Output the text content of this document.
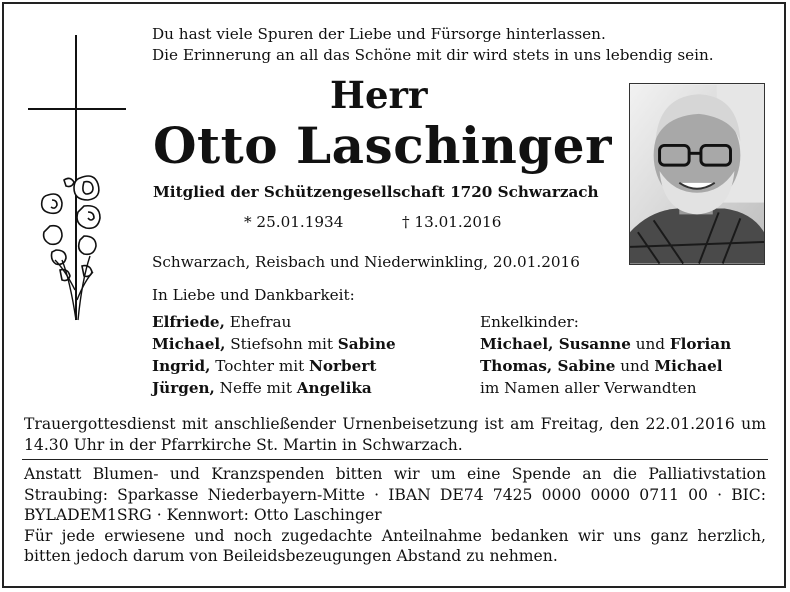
Du hast viele Spuren der Liebe und Fürsorge hinterlassen.
Die Erinnerung an all das Schöne mit dir wird stets in uns lebendig sein.
Herr
Otto Laschinger
Mitglied der Schützengesellschaft 1720 Schwarzach
* 25.01.1934	† 13.01.2016
Schwarzach, Reisbach und Niederwinkling, 20.01.2016
In Liebe und Dankbarkeit:
Elfriede, Ehefrau
Michael, Stiefsohn mit Sabine
Ingrid, Tochter mit Norbert
Jürgen, Neffe mit Angelika
Enkelkinder:
Michael, Susanne und Florian
Thomas, Sabine und Michael
im Namen aller Verwandten
Trauergottesdienst mit anschließender Urnenbeisetzung ist am Freitag, den 22.01.2016 um 14.30 Uhr in der Pfarrkirche St. Martin in Schwarzach.
Anstatt Blumen- und Kranzspenden bitten wir um eine Spende an die Palliativstation Straubing: Sparkasse Niederbayern-Mitte · IBAN DE74 7425 0000 0000 0711 00 · BIC: BYLADEM1SRG · Kennwort: Otto Laschinger
Für jede erwiesene und noch zugedachte Anteilnahme bedanken wir uns ganz herzlich, bitten jedoch darum von Beileidsbezeugungen Abstand zu nehmen.
